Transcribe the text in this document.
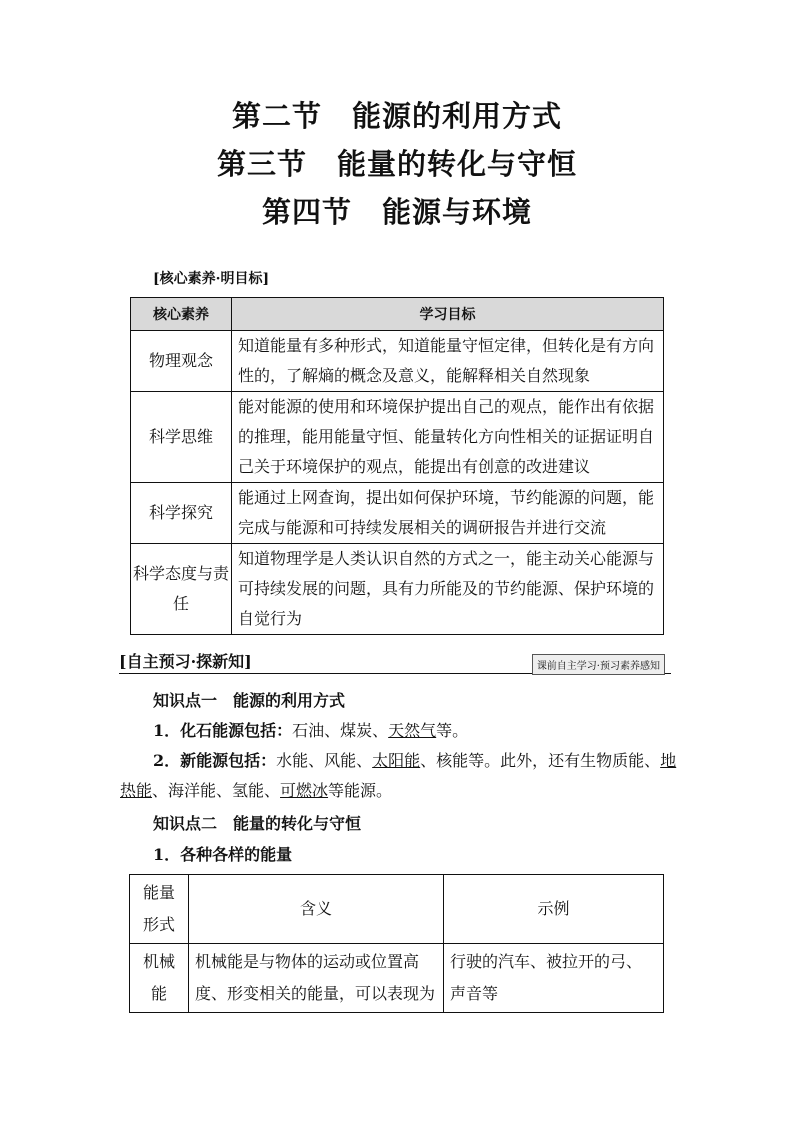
第二节　能源的利用方式
第三节　能量的转化与守恒
第四节　能源与环境
[核心素养·明目标]
核心素养	学习目标
物理观念	知道能量有多种形式，知道能量守恒定律，但转化是有方向性的，了解熵的概念及意义，能解释相关自然现象
科学思维	能对能源的使用和环境保护提出自己的观点，能作出有依据的推理，能用能量守恒、能量转化方向性相关的证据证明自己关于环境保护的观点，能提出有创意的改进建议
科学探究	能通过上网查询，提出如何保护环境，节约能源的问题，能完成与能源和可持续发展相关的调研报告并进行交流
科学态度与责任	知道物理学是人类认识自然的方式之一，能主动关心能源与可持续发展的问题，具有力所能及的节约能源、保护环境的自觉行为
[自主预习·探新知]	课前自主学习·预习素养感知
知识点一　能源的利用方式
1．化石能源包括：石油、煤炭、天然气等。
2．新能源包括：水能、风能、太阳能、核能等。此外，还有生物质能、地热能、海洋能、氢能、可燃冰等能源。
知识点二　能量的转化与守恒
1．各种各样的能量
能量形式	含义	示例
机械能	机械能是与物体的运动或位置高度、形变相关的能量，可以表现为	行驶的汽车、被拉开的弓、声音等
